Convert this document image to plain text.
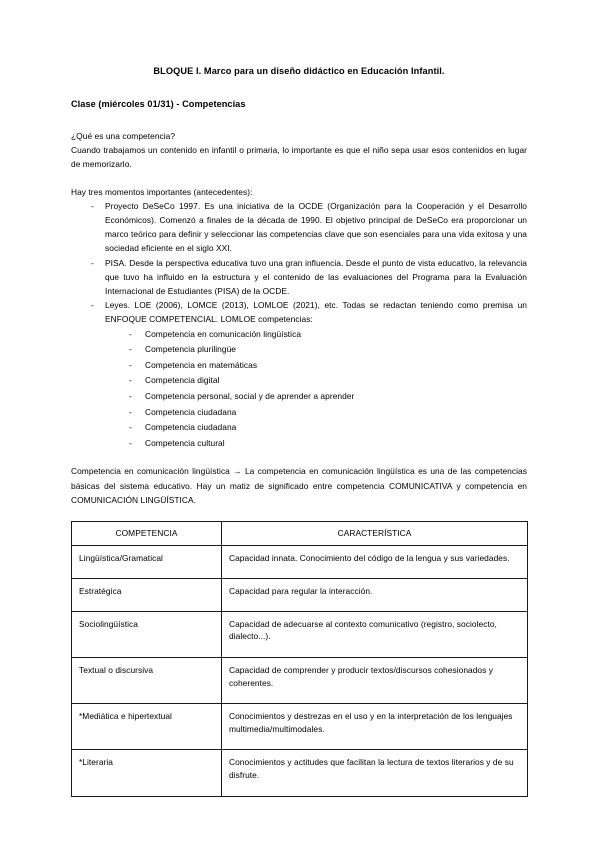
BLOQUE I. Marco para un diseño didáctico en Educación Infantil.
Clase (miércoles 01/31) - Competencias

¿Qué es una competencia?

Cuando trabajamos un contenido en infantil o primaria, lo importante es que el niño sepa usar esos contenidos en lugar de memorizarlo.

Hay tres momentos importantes (antecedentes):

- Proyecto DeSeCo 1997. Es una iniciativa de la OCDE (Organización para la Cooperación y el Desarrollo Económicos). Comenzó a finales de la década de 1990. El objetivo principal de DeSeCo era proporcionar un marco teórico para definir y seleccionar las competencias clave que son esenciales para una vida exitosa y una sociedad eficiente en el siglo XXI.
- PISA. Desde la perspectiva educativa tuvo una gran influencia. Desde el punto de vista educativo, la relevancia que tuvo ha influido en la estructura y el contenido de las evaluaciones del Programa para la Evaluación Internacional de Estudiantes (PISA) de la OCDE.
- Leyes. LOE (2006), LOMCE (2013), LOMLOE (2021), etc. Todas se redactan teniendo como premisa un ENFOQUE COMPETENCIAL. LOMLOE competencias:
- Competencia en comunicación lingüística
- Competencia plurilingüe
- Competencia en matemáticas
- Competencia digital
- Competencia personal, social y de aprender a aprender
- Competencia ciudadana
- Competencia ciudadana
- Competencia cultural

Competencia en comunicación lingüística → La competencia en comunicación lingüística es una de las competencias básicas del sistema educativo. Hay un matiz de significado entre competencia COMUNICATIVA y competencia en COMUNICACIÓN LINGÜÍSTICA.

COMPETENCIA	CARACTERÍSTICA
Lingüística/Gramatical	Capacidad innata. Conocimiento del código de la lengua y sus variedades.
Estratégica	Capacidad para regular la interacción.
Sociolingüística	Capacidad de adecuarse al contexto comunicativo (registro, sociolecto, dialecto...).
Textual o discursiva	Capacidad de comprender y producir textos/discursos cohesionados y coherentes.
*Mediática e hipertextual	Conocimientos y destrezas en el uso y en la interpretación de los lenguajes multimedia/multimodales.
*Literaria	Conocimientos y actitudes que facilitan la lectura de textos literarios y de su disfrute.
